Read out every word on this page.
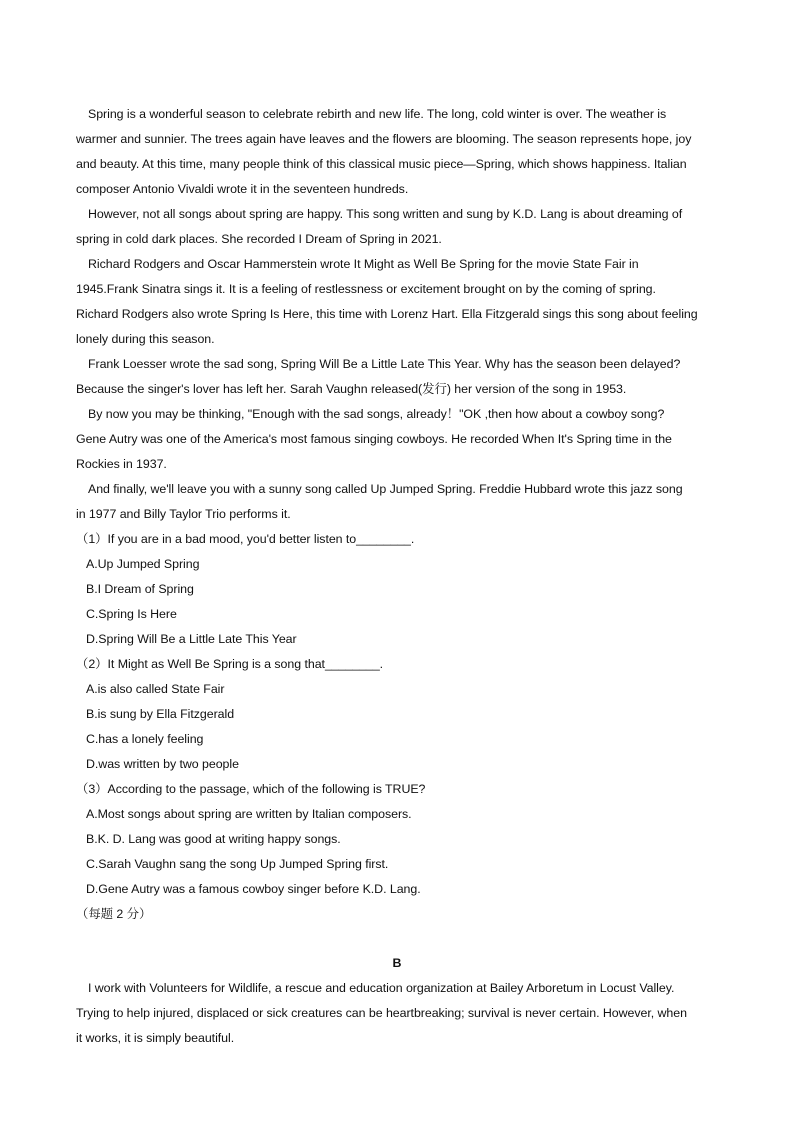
Spring is a wonderful season to celebrate rebirth and new life. The long, cold winter is over. The weather is
warmer and sunnier. The trees again have leaves and the flowers are blooming. The season represents hope, joy
and beauty. At this time, many people think of this classical music piece—Spring, which shows happiness. Italian
composer Antonio Vivaldi wrote it in the seventeen hundreds.
However, not all songs about spring are happy. This song written and sung by K.D. Lang is about dreaming of
spring in cold dark places. She recorded I Dream of Spring in 2021.
Richard Rodgers and Oscar Hammerstein wrote It Might as Well Be Spring for the movie State Fair in
1945.Frank Sinatra sings it. It is a feeling of restlessness or excitement brought on by the coming of spring.
Richard Rodgers also wrote Spring Is Here, this time with Lorenz Hart. Ella Fitzgerald sings this song about feeling
lonely during this season.
Frank Loesser wrote the sad song, Spring Will Be a Little Late This Year. Why has the season been delayed?
Because the singer's lover has left her. Sarah Vaughn released(发行) her version of the song in 1953.
By now you may be thinking, "Enough with the sad songs, already！"OK ,then how about a cowboy song?
Gene Autry was one of the America's most famous singing cowboys. He recorded When It's Spring time in the
Rockies in 1937.
And finally, we'll leave you with a sunny song called Up Jumped Spring. Freddie Hubbard wrote this jazz song
in 1977 and Billy Taylor Trio performs it.
（1）If you are in a bad mood, you'd better listen to________.
A.Up Jumped Spring
B.I Dream of Spring
C.Spring Is Here
D.Spring Will Be a Little Late This Year
（2）It Might as Well Be Spring is a song that________.
A.is also called State Fair
B.is sung by Ella Fitzgerald
C.has a lonely feeling
D.was written by two people
（3）According to the passage, which of the following is TRUE?
A.Most songs about spring are written by Italian composers.
B.K. D. Lang was good at writing happy songs.
C.Sarah Vaughn sang the song Up Jumped Spring first.
D.Gene Autry was a famous cowboy singer before K.D. Lang.
（每题 2 分）
B
I work with Volunteers for Wildlife, a rescue and education organization at Bailey Arboretum in Locust Valley.
Trying to help injured, displaced or sick creatures can be heartbreaking; survival is never certain. However, when
it works, it is simply beautiful.
